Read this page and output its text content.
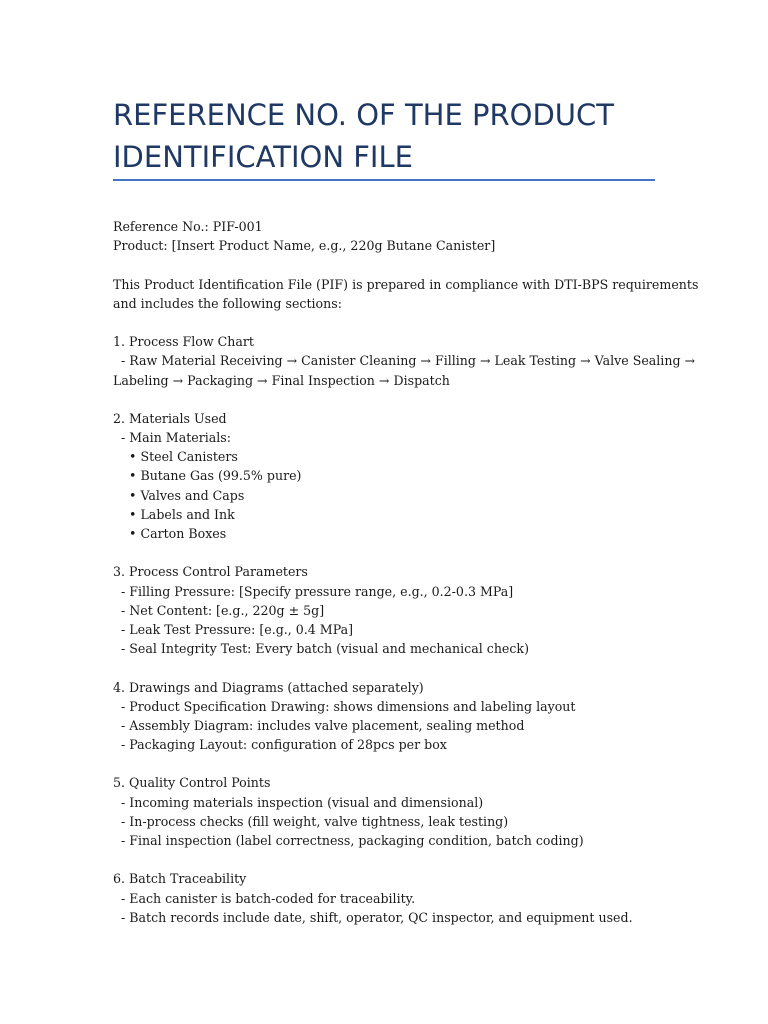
REFERENCE NO. OF THE PRODUCT IDENTIFICATION FILE
Reference No.: PIF-001
Product: [Insert Product Name, e.g., 220g Butane Canister]
This Product Identification File (PIF) is prepared in compliance with DTI-BPS requirements
and includes the following sections:
1. Process Flow Chart
- Raw Material Receiving → Canister Cleaning → Filling → Leak Testing → Valve Sealing →
Labeling → Packaging → Final Inspection → Dispatch
2. Materials Used
- Main Materials:
• Steel Canisters
• Butane Gas (99.5% pure)
• Valves and Caps
• Labels and Ink
• Carton Boxes
3. Process Control Parameters
- Filling Pressure: [Specify pressure range, e.g., 0.2-0.3 MPa]
- Net Content: [e.g., 220g ± 5g]
- Leak Test Pressure: [e.g., 0.4 MPa]
- Seal Integrity Test: Every batch (visual and mechanical check)
4. Drawings and Diagrams (attached separately)
- Product Specification Drawing: shows dimensions and labeling layout
- Assembly Diagram: includes valve placement, sealing method
- Packaging Layout: configuration of 28pcs per box
5. Quality Control Points
- Incoming materials inspection (visual and dimensional)
- In-process checks (fill weight, valve tightness, leak testing)
- Final inspection (label correctness, packaging condition, batch coding)
6. Batch Traceability
- Each canister is batch-coded for traceability.
- Batch records include date, shift, operator, QC inspector, and equipment used.
